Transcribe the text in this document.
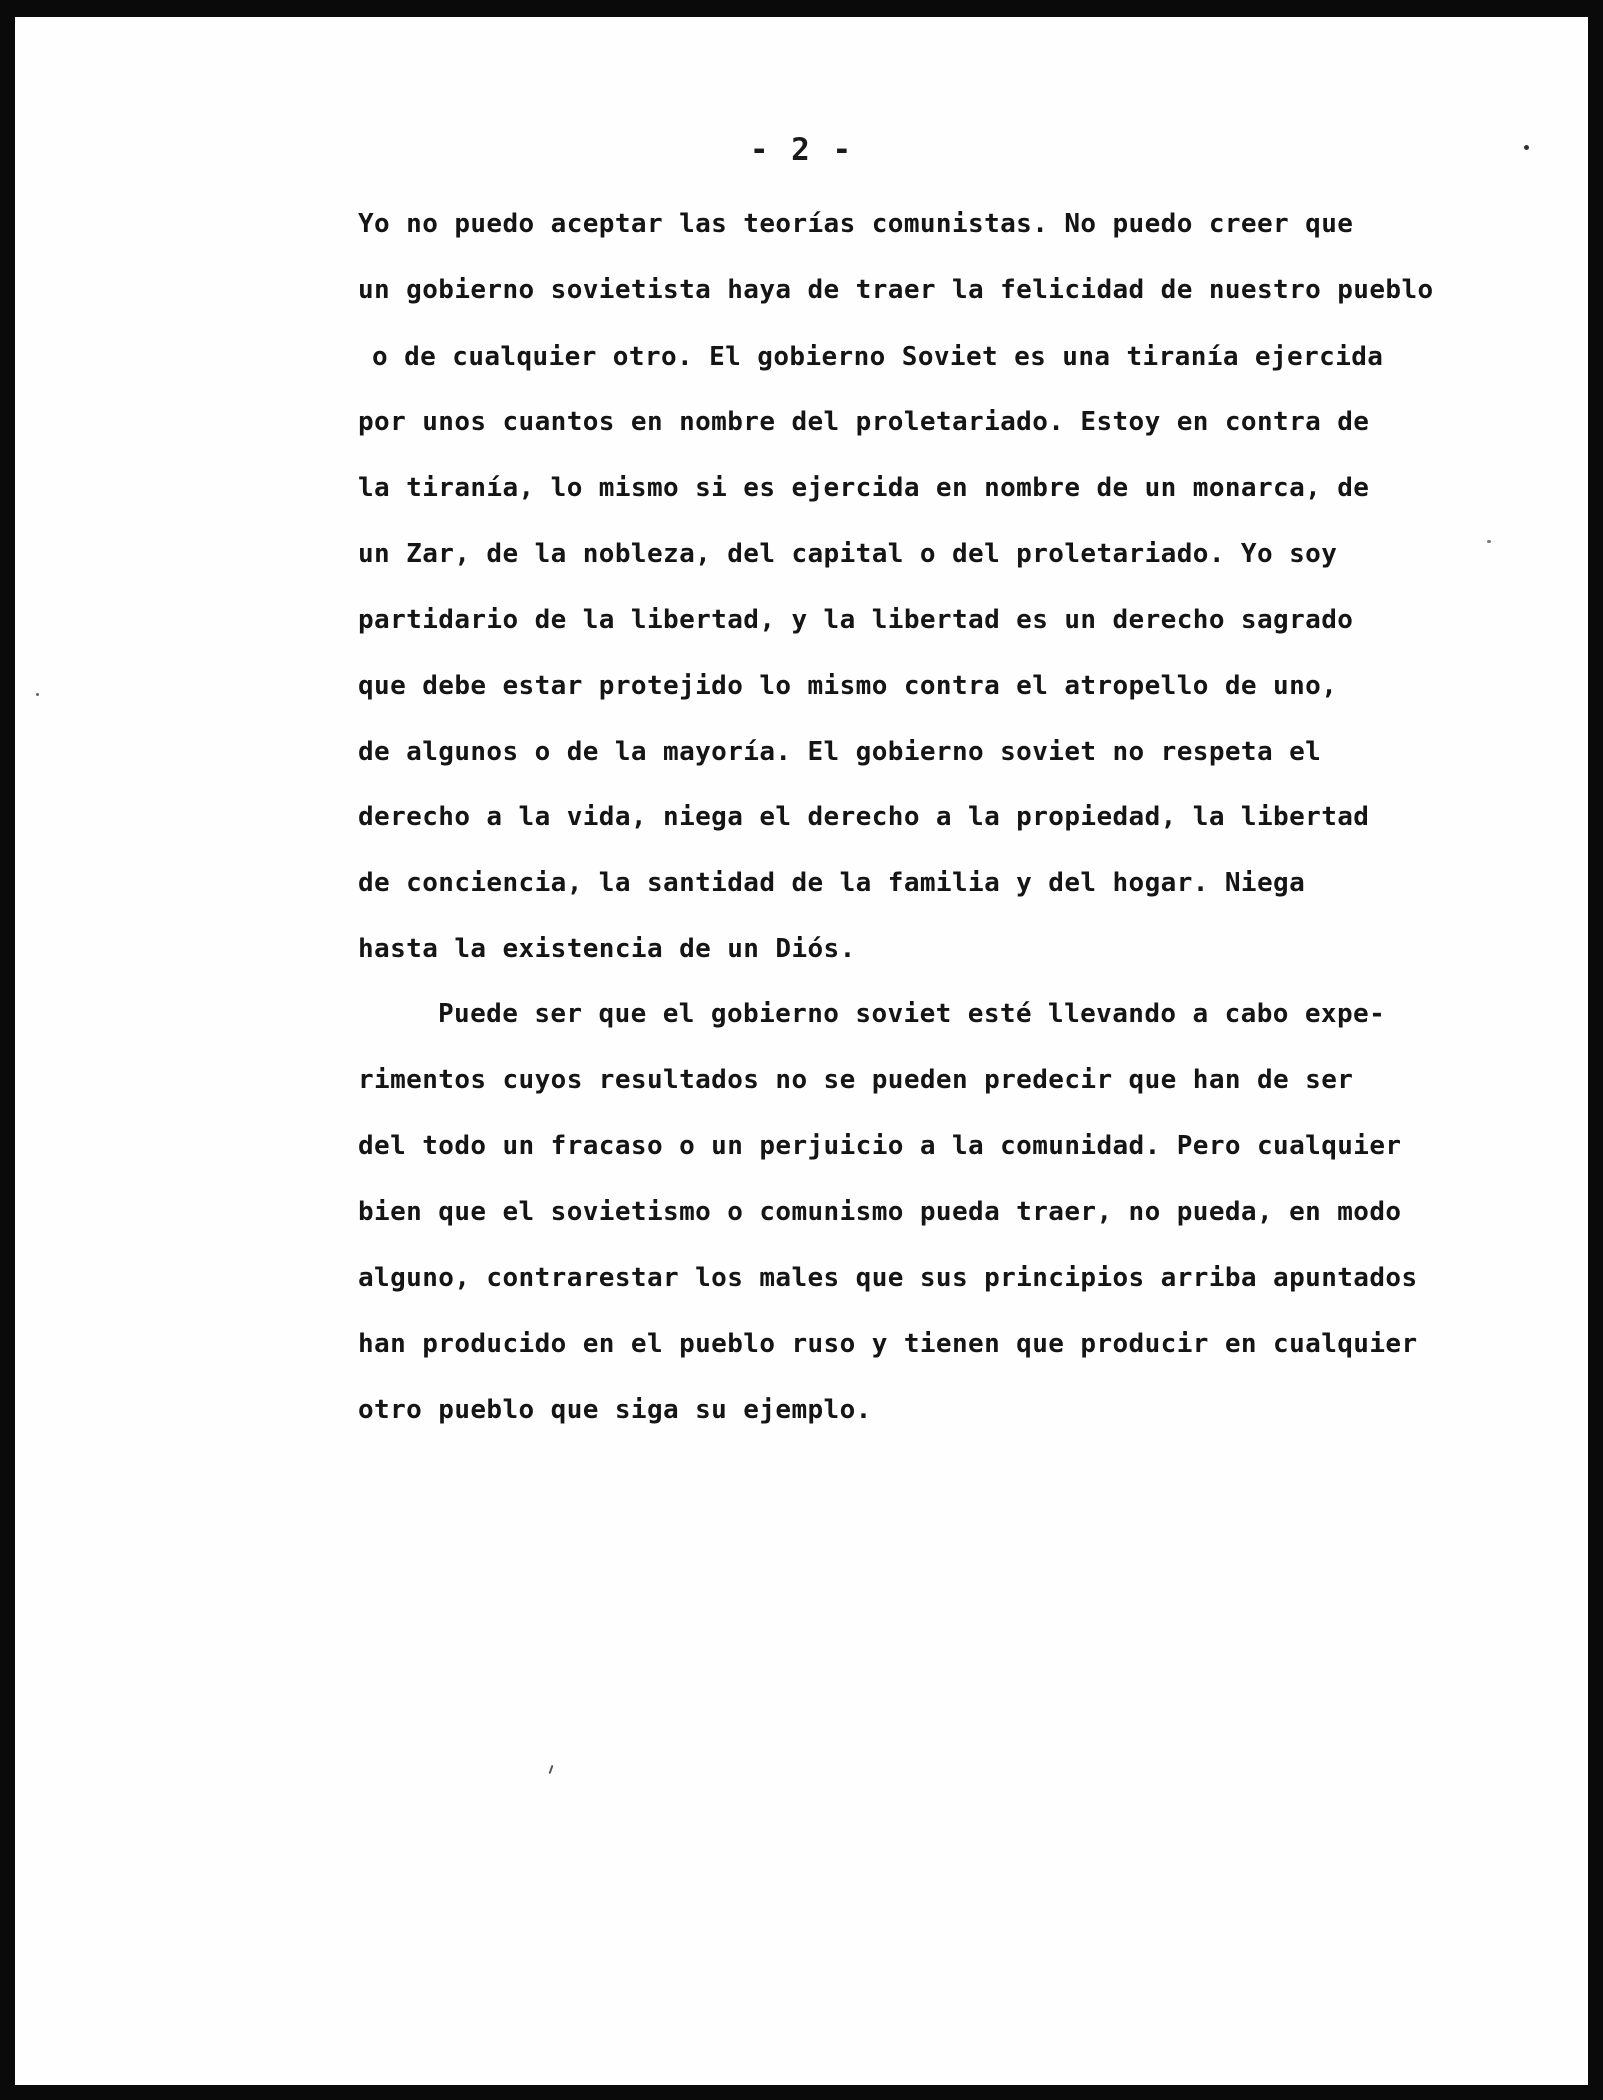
- 2 -
Yo no puedo aceptar las teorías comunistas. No puedo creer que
un gobierno sovietista haya de traer la felicidad de nuestro pueblo
o de cualquier otro. El gobierno Soviet es una tiranía ejercida
por unos cuantos en nombre del proletariado. Estoy en contra de
la tiranía, lo mismo si es ejercida en nombre de un monarca, de
un Zar, de la nobleza, del capital o del proletariado. Yo soy
partidario de la libertad, y la libertad es un derecho sagrado
que debe estar protejido lo mismo contra el atropello de uno,
de algunos o de la mayoría. El gobierno soviet no respeta el
derecho a la vida, niega el derecho a la propiedad, la libertad
de conciencia, la santidad de la familia y del hogar. Niega
hasta la existencia de un Diós.
Puede ser que el gobierno soviet esté llevando a cabo expe-
rimentos cuyos resultados no se pueden predecir que han de ser
del todo un fracaso o un perjuicio a la comunidad. Pero cualquier
bien que el sovietismo o comunismo pueda traer, no pueda, en modo
alguno, contrarestar los males que sus principios arriba apuntados
han producido en el pueblo ruso y tienen que producir en cualquier
otro pueblo que siga su ejemplo.
